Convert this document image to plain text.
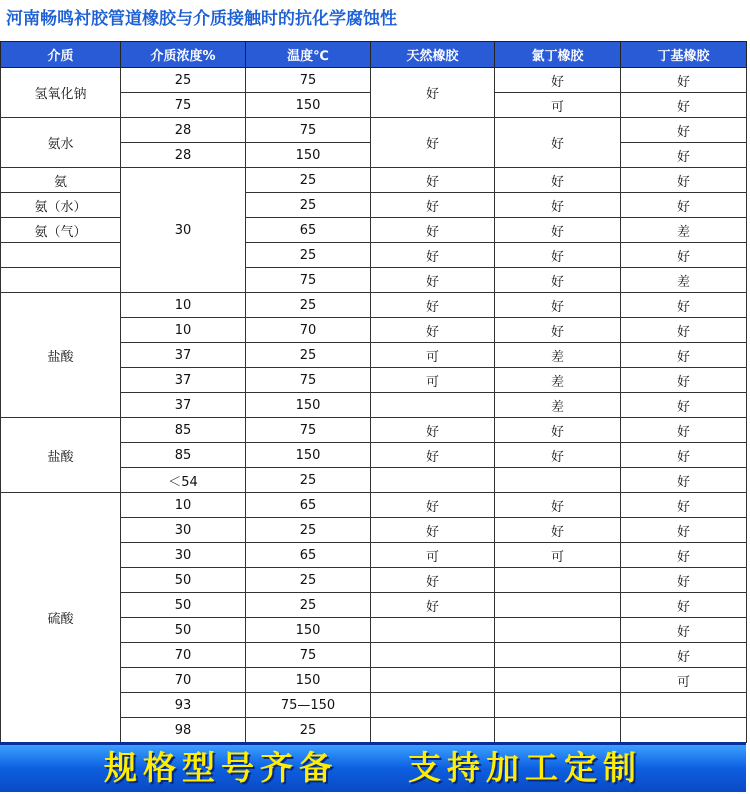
河南畅鸣衬胶管道橡胶与介质接触时的抗化学腐蚀性
介质	介质浓度%	温度℃	天然橡胶	氯丁橡胶	丁基橡胶
氢氧化钠	25	75	好	好	好
	75	150		可	好
氨水	28	75	好	好	好
	28	150			好
氨	30	25	好	好	好
氨（水）		25	好	好	好
氨（气）		65	好	好	差
		25	好	好	好
		75	好	好	差
盐酸	10	25	好	好	好
	10	70	好	好	好
	37	25	可	差	好
	37	75	可	差	好
	37	150		差	好
盐酸	85	75	好	好	好
	85	150	好	好	好
	＜54	25			好
硫酸	10	65	好	好	好
	30	25	好	好	好
	30	65	可	可	好
	50	25	好		好
	50	25	好		好
	50	150			好
	70	75			好
	70	150			可
	93	75—150			
	98	25			
规格型号齐备    支持加工定制
